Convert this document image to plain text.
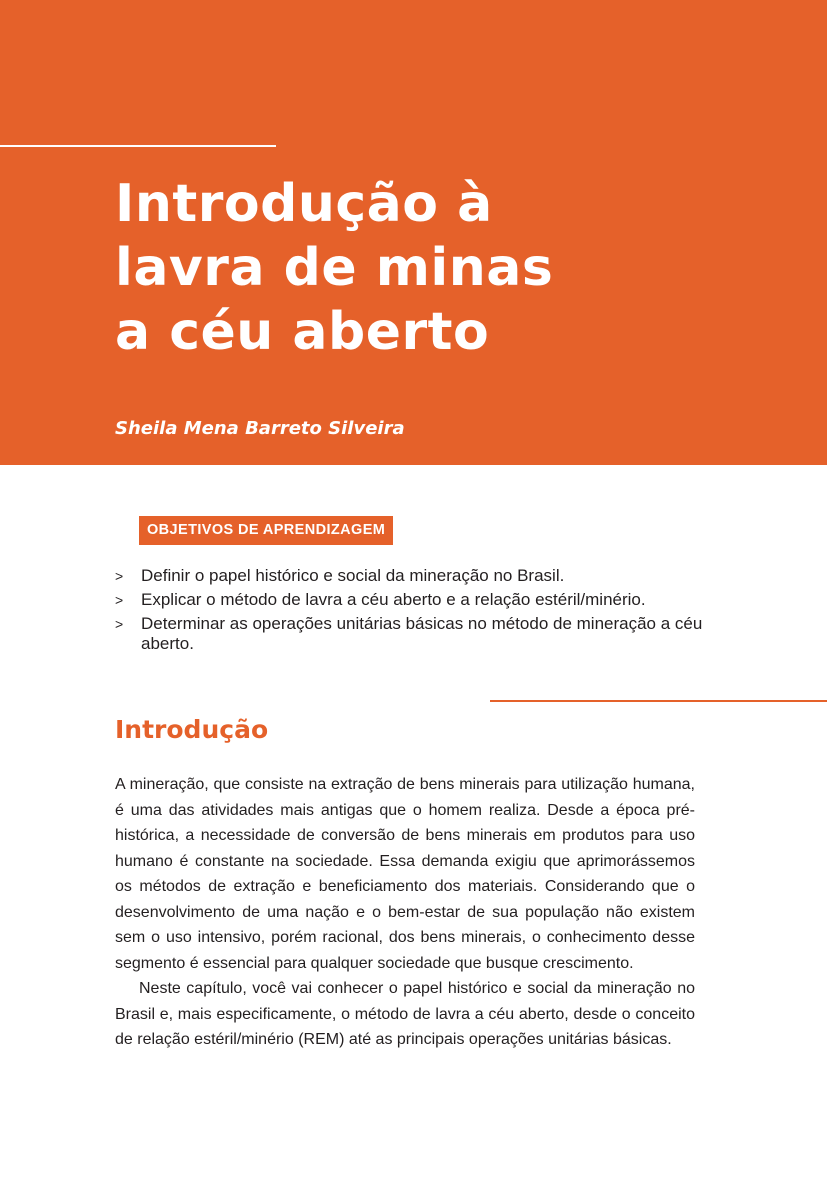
Introdução à
lavra de minas
a céu aberto

Sheila Mena Barreto Silveira

OBJETIVOS DE APRENDIZAGEM
> Definir o papel histórico e social da mineração no Brasil.
> Explicar o método de lavra a céu aberto e a relação estéril/minério.
> Determinar as operações unitárias básicas no método de mineração a céu aberto.
Introdução

A mineração, que consiste na extração de bens minerais para utilização humana, é uma das atividades mais antigas que o homem realiza. Desde a época pré-histórica, a necessidade de conversão de bens minerais em produtos para uso humano é constante na sociedade. Essa demanda exigiu que aprimorássemos os métodos de extração e beneficiamento dos materiais. Considerando que o desenvolvimento de uma nação e o bem-estar de sua população não existem sem o uso intensivo, porém racional, dos bens minerais, o conhecimento desse segmento é essencial para qualquer sociedade que busque crescimento.

Neste capítulo, você vai conhecer o papel histórico e social da mineração no Brasil e, mais especificamente, o método de lavra a céu aberto, desde o conceito de relação estéril/minério (REM) até as principais operações unitárias básicas.
